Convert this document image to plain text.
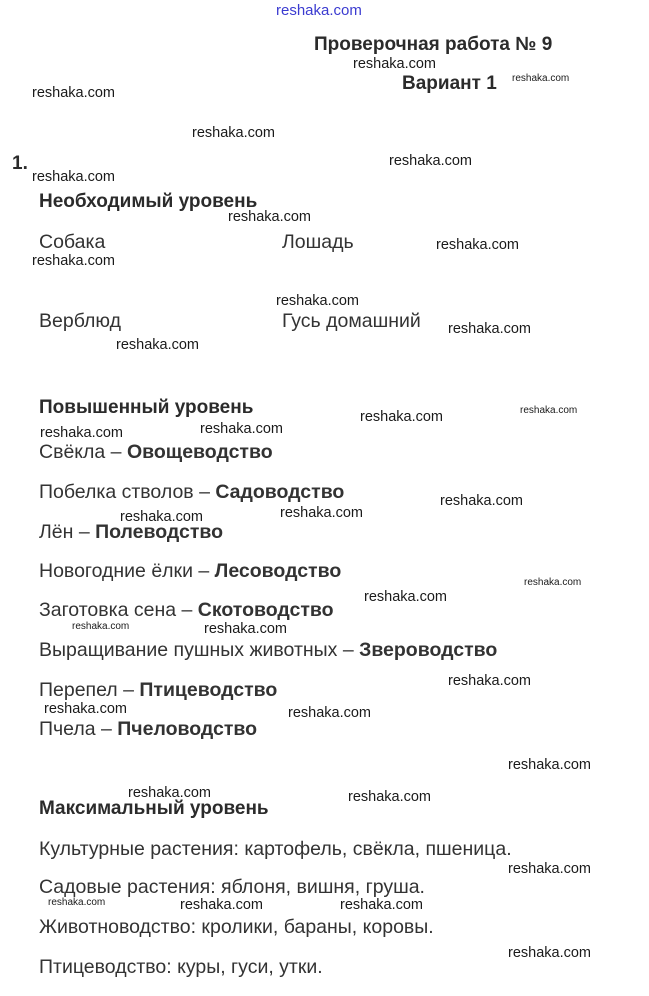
reshaka.com
Проверочная работа № 9
Вариант 1
1.
Необходимый уровень
Собака	Лошадь
Верблюд	Гусь домашний
Повышенный уровень
Свёкла – Овощеводство
Побелка стволов – Садоводство
Лён – Полеводство
Новогодние ёлки – Лесоводство
Заготовка сена – Скотоводство
Выращивание пушных животных – Звероводство
Перепел – Птицеводство
Пчела – Пчеловодство
Максимальный уровень
Культурные растения: картофель, свёкла, пшеница.
Садовые растения: яблоня, вишня, груша.
Животноводство: кролики, бараны, коровы.
Птицеводство: куры, гуси, утки.
reshaka.com
reshaka.com
reshaka.com
reshaka.com
reshaka.com
reshaka.com
reshaka.com
reshaka.com
reshaka.com
reshaka.com
reshaka.com
reshaka.com
reshaka.com
reshaka.com
reshaka.com
reshaka.com
reshaka.com
reshaka.com	reshaka.com
reshaka.com
reshaka.com
reshaka.com	reshaka.com
reshaka.com
reshaka.com	reshaka.com
reshaka.com
reshaka.com	reshaka.com
reshaka.com
reshaka.com	reshaka.com	reshaka.com
reshaka.com
